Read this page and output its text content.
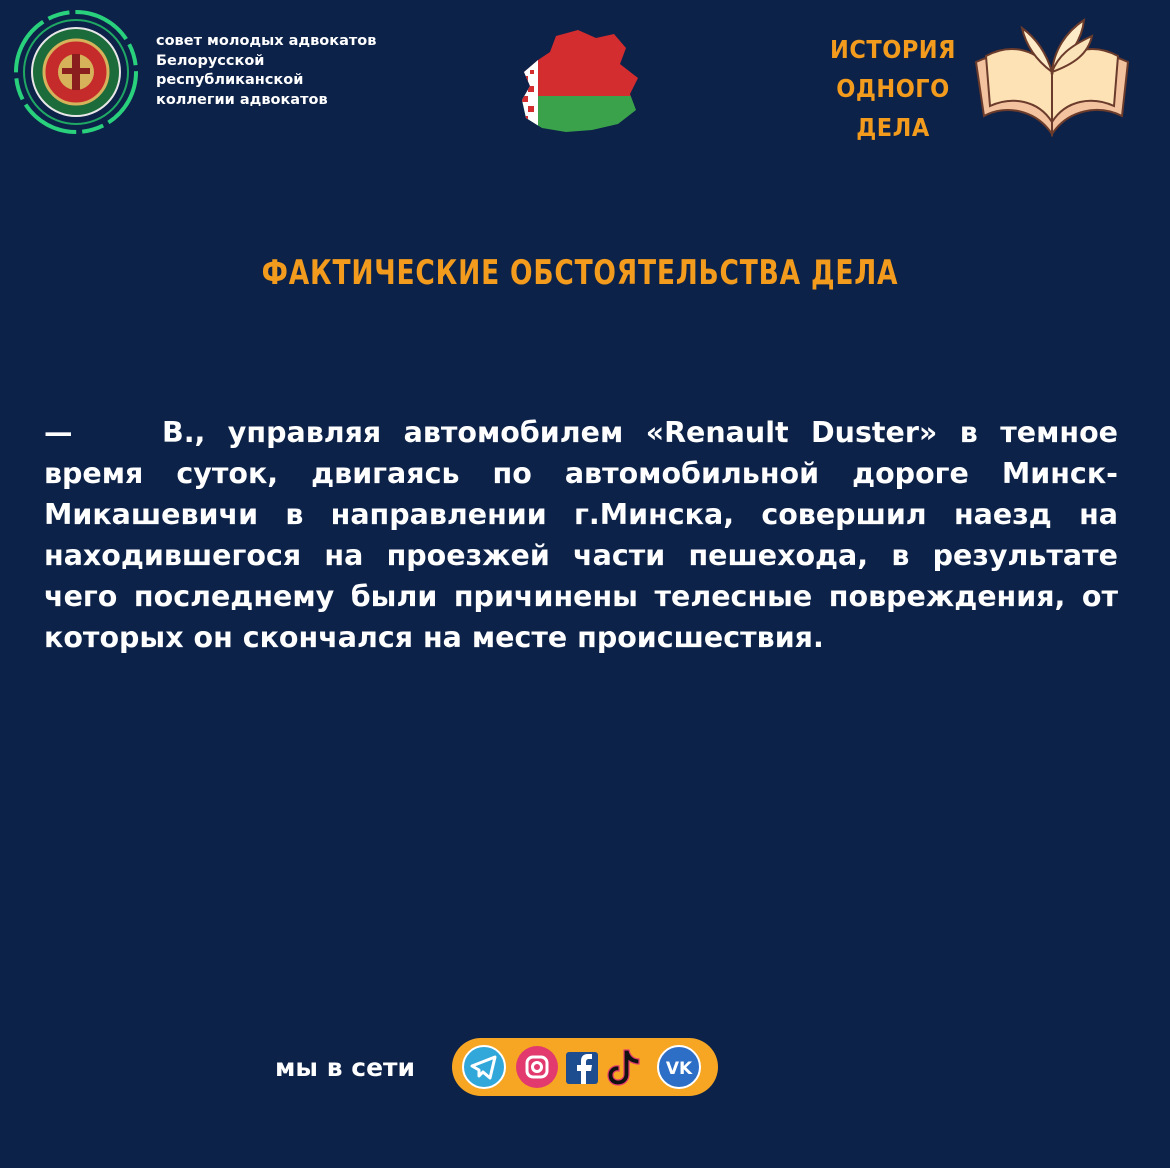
совет молодых адвокатов
Белорусской
республиканской
коллегии адвокатов
ИСТОРИЯ
ОДНОГО
ДЕЛА
ФАКТИЧЕСКИЕ ОБСТОЯТЕЛЬСТВА ДЕЛА
—	В., управляя автомобилем «Renault Duster» в темное время суток, двигаясь по автомобильной дороге Минск-Микашевичи в направлении г.Минска, совершил наезд на находившегося на проезжей части пешехода, в результате чего последнему были причинены телесные повреждения, от которых он скончался на месте происшествия.
мы в сети	VK
